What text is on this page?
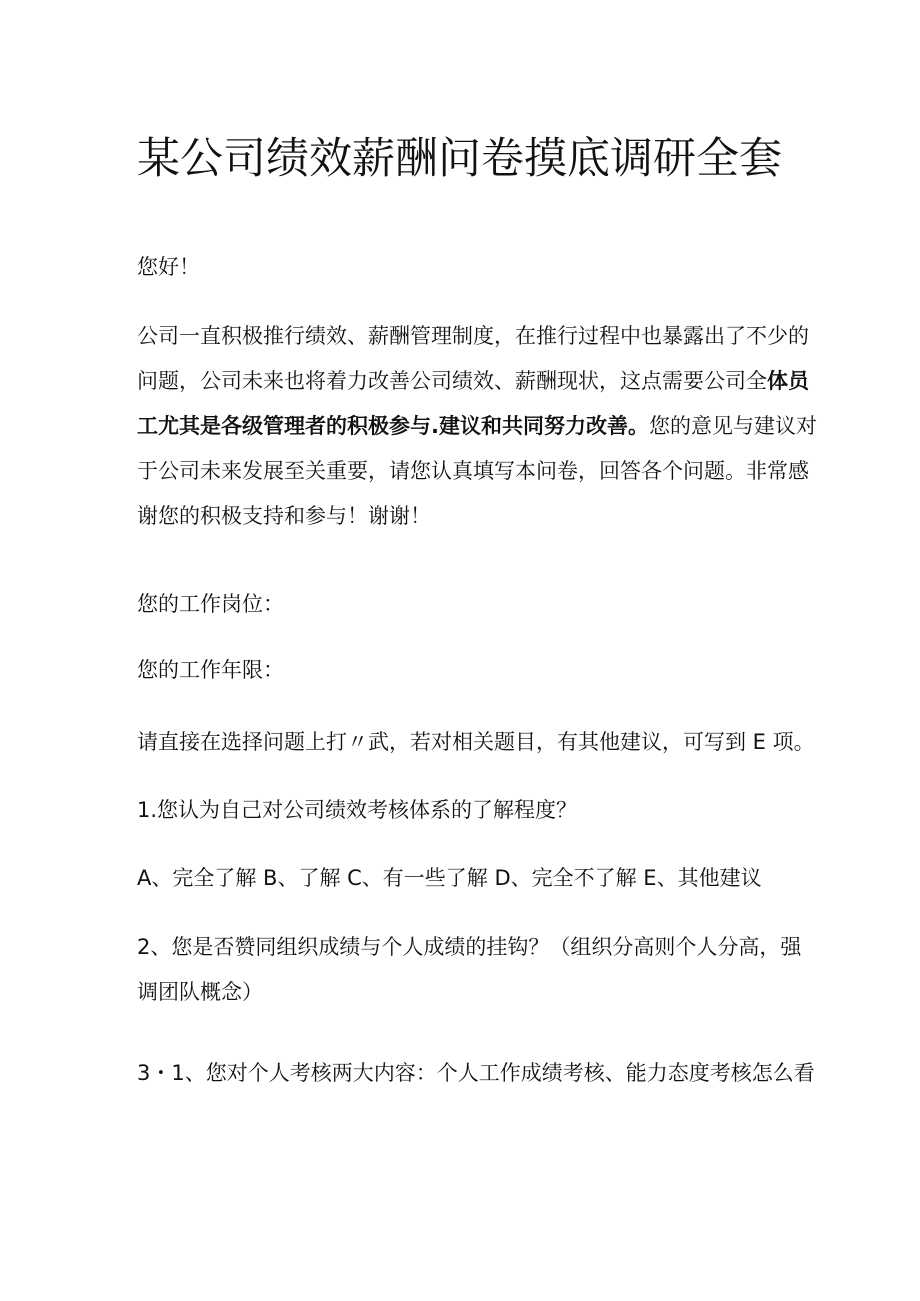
某公司绩效薪酬问卷摸底调研全套

您好！

公司一直积极推行绩效、薪酬管理制度，在推行过程中也暴露出了不少的
问题，公司未来也将着力改善公司绩效、薪酬现状，这点需要公司全体员
工尤其是各级管理者的积极参与.建议和共同努力改善。您的意见与建议对
于公司未来发展至关重要，请您认真填写本问卷，回答各个问题。非常感
谢您的积极支持和参与！谢谢！

您的工作岗位：

您的工作年限：

请直接在选择问题上打〃武，若对相关题目，有其他建议，可写到 E 项。

1.您认为自己对公司绩效考核体系的了解程度？

A、完全了解 B、了解 C、有一些了解 D、完全不了解 E、其他建议

2、您是否赞同组织成绩与个人成绩的挂钩？（组织分高则个人分高，强
调团队概念）

3・1、您对个人考核两大内容：个人工作成绩考核、能力态度考核怎么看
